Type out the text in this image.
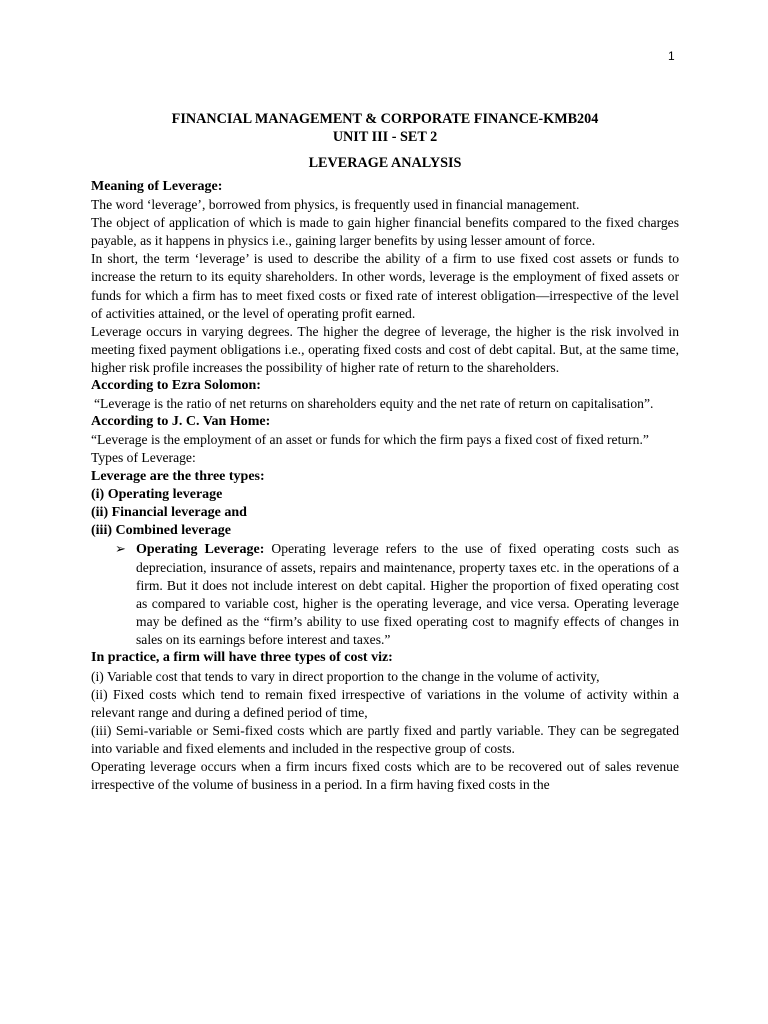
1
FINANCIAL MANAGEMENT & CORPORATE FINANCE-KMB204
UNIT III - SET 2
LEVERAGE ANALYSIS
Meaning of Leverage:

The word ‘leverage’, borrowed from physics, is frequently used in financial management.

The object of application of which is made to gain higher financial benefits compared to the fixed charges payable, as it happens in physics i.e., gaining larger benefits by using lesser amount of force.

In short, the term ‘leverage’ is used to describe the ability of a firm to use fixed cost assets or funds to increase the return to its equity shareholders. In other words, leverage is the employment of fixed assets or funds for which a firm has to meet fixed costs or fixed rate of interest obligation—irrespective of the level of activities attained, or the level of operating profit earned.

Leverage occurs in varying degrees. The higher the degree of leverage, the higher is the risk involved in meeting fixed payment obligations i.e., operating fixed costs and cost of debt capital. But, at the same time, higher risk profile increases the possibility of higher rate of return to the shareholders.

According to Ezra Solomon:

“Leverage is the ratio of net returns on shareholders equity and the net rate of return on capitalisation”.

According to J. C. Van Home:

“Leverage is the employment of an asset or funds for which the firm pays a fixed cost of fixed return.”

Types of Leverage:
Leverage are the three types:
(i) Operating leverage
(ii) Financial leverage and
(iii) Combined leverage
➢ Operating Leverage: Operating leverage refers to the use of fixed operating costs such as depreciation, insurance of assets, repairs and maintenance, property taxes etc. in the operations of a firm. But it does not include interest on debt capital. Higher the proportion of fixed operating cost as compared to variable cost, higher is the operating leverage, and vice versa. Operating leverage may be defined as the “firm’s ability to use fixed operating cost to magnify effects of changes in sales on its earnings before interest and taxes.”
In practice, a firm will have three types of cost viz:

(i) Variable cost that tends to vary in direct proportion to the change in the volume of activity,

(ii) Fixed costs which tend to remain fixed irrespective of variations in the volume of activity within a relevant range and during a defined period of time,

(iii) Semi-variable or Semi-fixed costs which are partly fixed and partly variable. They can be segregated into variable and fixed elements and included in the respective group of costs.

Operating leverage occurs when a firm incurs fixed costs which are to be recovered out of sales revenue irrespective of the volume of business in a period. In a firm having fixed costs in the
